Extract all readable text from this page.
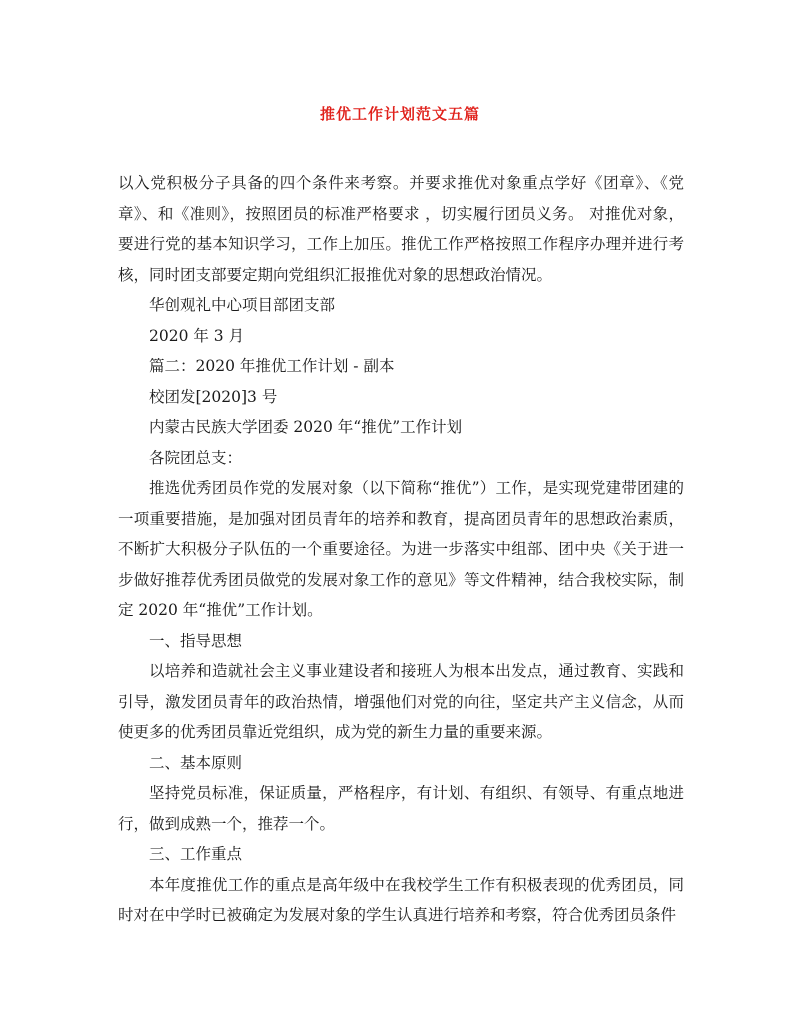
推优工作计划范文五篇

以入党积极分子具备的四个条件来考察。并要求推优对象重点学好《团章》、《党章》、和《准则》，按照团员的标准严格要求 ，切实履行团员义务。 对推优对象，要进行党的基本知识学习，工作上加压。推优工作严格按照工作程序办理并进行考核，同时团支部要定期向党组织汇报推优对象的思想政治情况。

华创观礼中心项目部团支部

2020 年 3 月

篇二：2020 年推优工作计划 - 副本

校团发[2020]3 号

内蒙古民族大学团委 2020 年“推优”工作计划

各院团总支：

推选优秀团员作党的发展对象（以下简称“推优”）工作，是实现党建带团建的一项重要措施，是加强对团员青年的培养和教育，提高团员青年的思想政治素质，不断扩大积极分子队伍的一个重要途径。为进一步落实中组部、团中央《关于进一步做好推荐优秀团员做党的发展对象工作的意见》等文件精神，结合我校实际，制定 2020 年“推优”工作计划。

一、指导思想

以培养和造就社会主义事业建设者和接班人为根本出发点，通过教育、实践和引导，激发团员青年的政治热情，增强他们对党的向往，坚定共产主义信念，从而使更多的优秀团员靠近党组织，成为党的新生力量的重要来源。

二、基本原则

坚持党员标准，保证质量，严格程序，有计划、有组织、有领导、有重点地进行，做到成熟一个，推荐一个。

三、工作重点

本年度推优工作的重点是高年级中在我校学生工作有积极表现的优秀团员，同时对在中学时已被确定为发展对象的学生认真进行培养和考察，符合优秀团员条件
